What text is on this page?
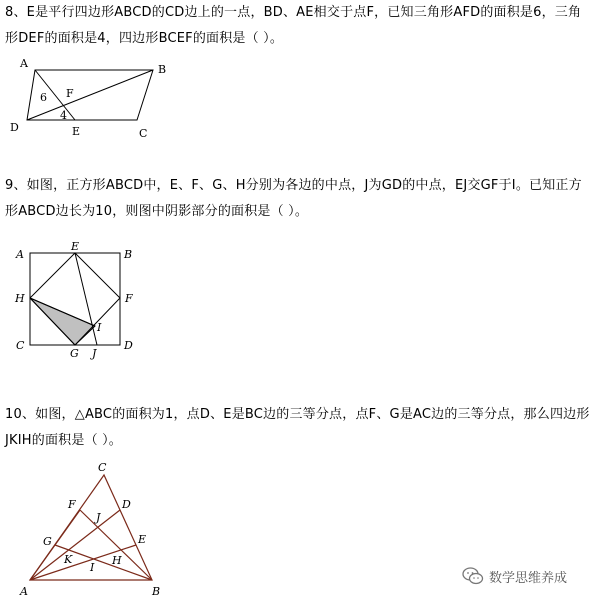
8、E是平行四边形ABCD的CD边上的一点，BD、AE相交于点F，已知三角形AFD的面积是6，三角形DEF的面积是4，四边形BCEF的面积是（ ）。

A	B
C
D	E
F
6
4

9、如图，正方形ABCD中，E、F、G、H分别为各边的中点，J为GD的中点，EJ交GF于I。已知正方形ABCD边长为10，则图中阴影部分的面积是（ ）。

A	B
C	D
E
F
G
H
I
J

10、如图，△ABC的面积为1，点D、E是BC边的三等分点，点F、G是AC边的三等分点，那么四边形JKIH的面积是（ ）。

A	B
C
D
E
F
G
H
I
J
K
数学思维养成
